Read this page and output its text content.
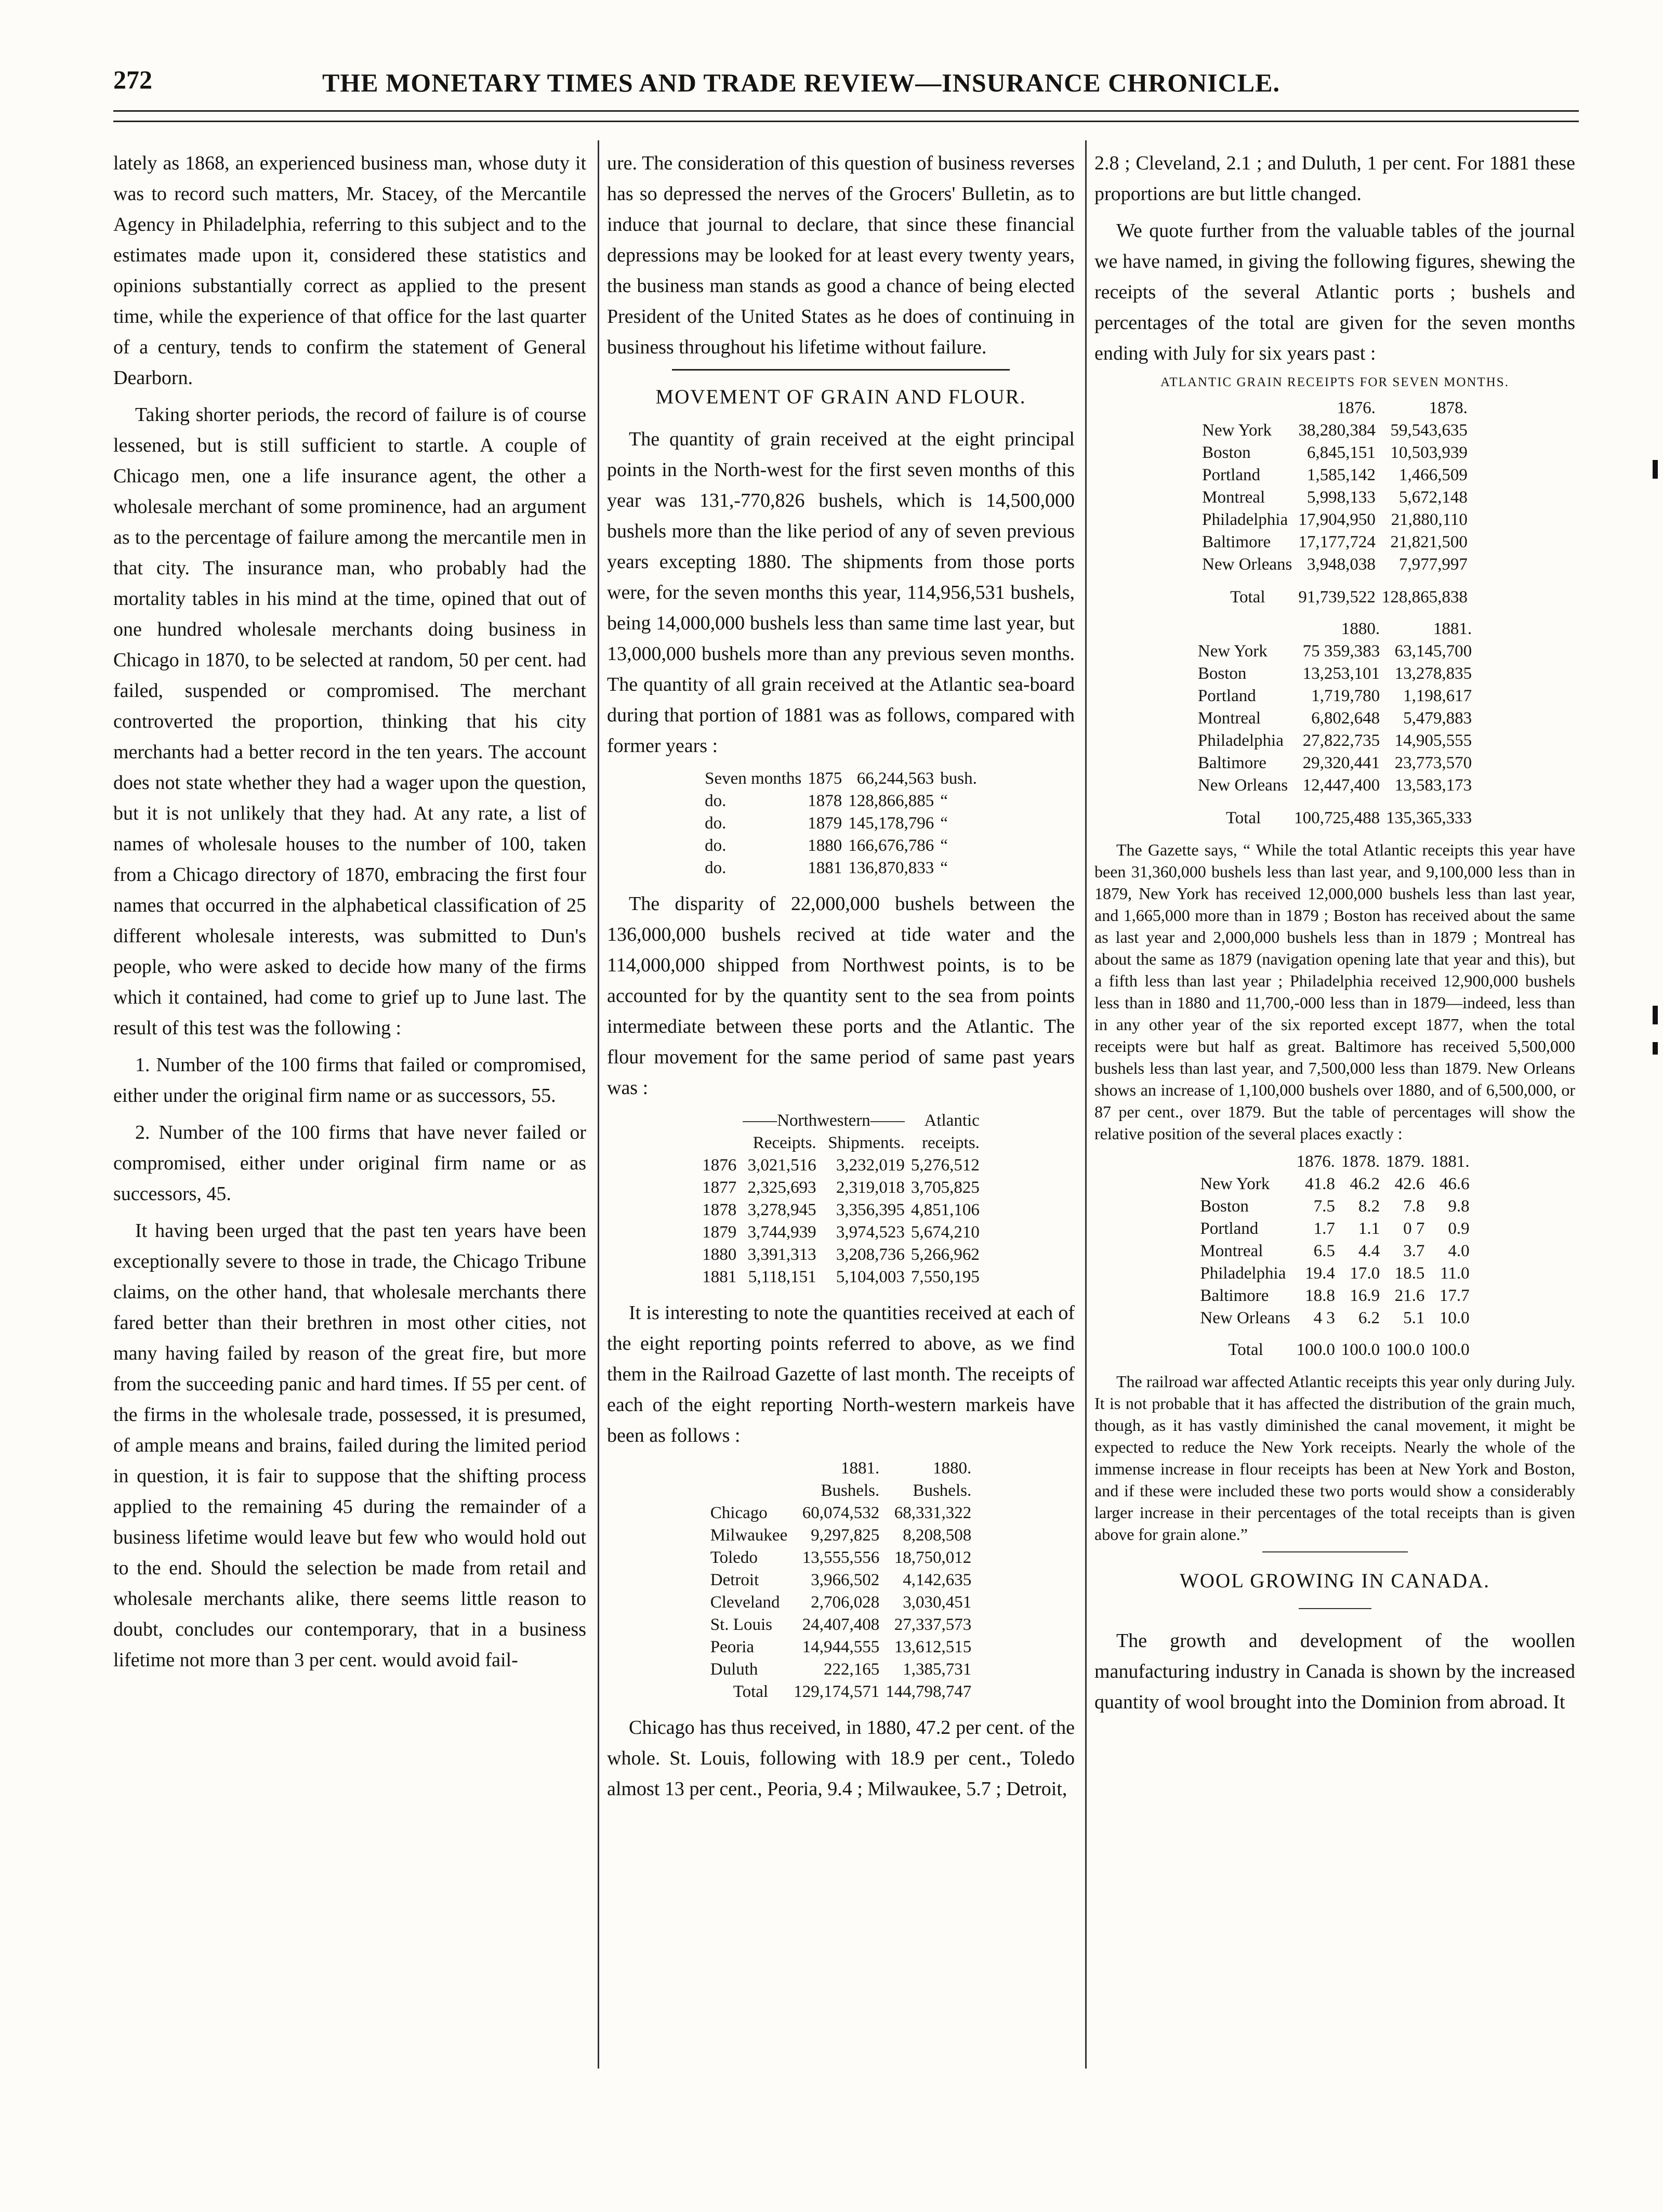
272	THE MONETARY TIMES AND TRADE REVIEW—INSURANCE CHRONICLE.

lately as 1868, an experienced business man, whose duty it was to record such matters, Mr. Stacey, of the Mercantile Agency in Philadelphia, referring to this subject and to the estimates made upon it, considered these statistics and opinions substantially correct as applied to the present time, while the experience of that office for the last quarter of a century, tends to confirm the statement of General Dearborn.

Taking shorter periods, the record of failure is of course lessened, but is still sufficient to startle. A couple of Chicago men, one a life insurance agent, the other a wholesale merchant of some prominence, had an argument as to the percentage of failure among the mercantile men in that city. The insurance man, who probably had the mortality tables in his mind at the time, opined that out of one hundred wholesale merchants doing business in Chicago in 1870, to be selected at random, 50 per cent. had failed, suspended or compromised. The merchant controverted the proportion, thinking that his city merchants had a better record in the ten years. The account does not state whether they had a wager upon the question, but it is not unlikely that they had. At any rate, a list of names of wholesale houses to the number of 100, taken from a Chicago directory of 1870, embracing the first four names that occurred in the alphabetical classification of 25 different wholesale interests, was submitted to Dun's people, who were asked to decide how many of the firms which it contained, had come to grief up to June last. The result of this test was the following :

1. Number of the 100 firms that failed or compromised, either under the original firm name or as successors, 55.

2. Number of the 100 firms that have never failed or compromised, either under original firm name or as successors, 45.

It having been urged that the past ten years have been exceptionally severe to those in trade, the Chicago Tribune claims, on the other hand, that wholesale merchants there fared better than their brethren in most other cities, not many having failed by reason of the great fire, but more from the succeeding panic and hard times. If 55 per cent. of the firms in the wholesale trade, possessed, it is presumed, of ample means and brains, failed during the limited period in question, it is fair to suppose that the shifting process applied to the remaining 45 during the remainder of a business lifetime would leave but few who would hold out to the end. Should the selection be made from retail and wholesale merchants alike, there seems little reason to doubt, concludes our contemporary, that in a business lifetime not more than 3 per cent. would avoid fail-

ure. The consideration of this question of business reverses has so depressed the nerves of the Grocers' Bulletin, as to induce that journal to declare, that since these financial depressions may be looked for at least every twenty years, the business man stands as good a chance of being elected President of the United States as he does of continuing in business throughout his lifetime without failure.

MOVEMENT OF GRAIN AND FLOUR.

The quantity of grain received at the eight principal points in the North-west for the first seven months of this year was 131,-770,826 bushels, which is 14,500,000 bushels more than the like period of any of seven previous years excepting 1880. The shipments from those ports were, for the seven months this year, 114,956,531 bushels, being 14,000,000 bushels less than same time last year, but 13,000,000 bushels more than any previous seven months. The quantity of all grain received at the Atlantic sea-board during that portion of 1881 was as follows, compared with former years :

Seven months	1875	66,244,563	bush.
do.	1878	128,866,885	“
do.	1879	145,178,796	“
do.	1880	166,676,786	“
do.	1881	136,870,833	“

The disparity of 22,000,000 bushels between the 136,000,000 bushels recived at tide water and the 114,000,000 shipped from Northwest points, is to be accounted for by the quantity sent to the sea from points intermediate between these ports and the Atlantic. The flour movement for the same period of same past years was :

	——Northwestern——		Atlantic
	Receipts.	Shipments.	receipts.
1876	3,021,516	3,232,019	5,276,512
1877	2,325,693	2,319,018	3,705,825
1878	3,278,945	3,356,395	4,851,106
1879	3,744,939	3,974,523	5,674,210
1880	3,391,313	3,208,736	5,266,962
1881	5,118,151	5,104,003	7,550,195

It is interesting to note the quantities received at each of the eight reporting points referred to above, as we find them in the Railroad Gazette of last month. The receipts of each of the eight reporting North-western markeis have been as follows :

	1881.	1880.
	Bushels.	Bushels.
Chicago	60,074,532	68,331,322
Milwaukee	9,297,825	8,208,508
Toledo	13,555,556	18,750,012
Detroit	3,966,502	4,142,635
Cleveland	2,706,028	3,030,451
St. Louis	24,407,408	27,337,573
Peoria	14,944,555	13,612,515
Duluth	222,165	1,385,731
Total	129,174,571	144,798,747

Chicago has thus received, in 1880, 47.2 per cent. of the whole. St. Louis, following with 18.9 per cent., Toledo almost 13 per cent., Peoria, 9.4 ; Milwaukee, 5.7 ; Detroit,

2.8 ; Cleveland, 2.1 ; and Duluth, 1 per cent. For 1881 these proportions are but little changed.

We quote further from the valuable tables of the journal we have named, in giving the following figures, shewing the receipts of the several Atlantic ports ; bushels and percentages of the total are given for the seven months ending with July for six years past :

ATLANTIC GRAIN RECEIPTS FOR SEVEN MONTHS.
	1876.	1878.
New York	38,280,384	59,543,635
Boston	6,845,151	10,503,939
Portland	1,585,142	1,466,509
Montreal	5,998,133	5,672,148
Philadelphia	17,904,950	21,880,110
Baltimore	17,177,724	21,821,500
New Orleans	3,948,038	7,977,997
Total	91,739,522	128,865,838
	1880.	1881.
New York	75 359,383	63,145,700
Boston	13,253,101	13,278,835
Portland	1,719,780	1,198,617
Montreal	6,802,648	5,479,883
Philadelphia	27,822,735	14,905,555
Baltimore	29,320,441	23,773,570
New Orleans	12,447,400	13,583,173
Total	100,725,488	135,365,333

The Gazette says, “ While the total Atlantic receipts this year have been 31,360,000 bushels less than last year, and 9,100,000 less than in 1879, New York has received 12,000,000 bushels less than last year, and 1,665,000 more than in 1879 ; Boston has received about the same as last year and 2,000,000 bushels less than in 1879 ; Montreal has about the same as 1879 (navigation opening late that year and this), but a fifth less than last year ; Philadelphia received 12,900,000 bushels less than in 1880 and 11,700,-000 less than in 1879—indeed, less than in any other year of the six reported except 1877, when the total receipts were but half as great. Baltimore has received 5,500,000 bushels less than last year, and 7,500,000 less than 1879. New Orleans shows an increase of 1,100,000 bushels over 1880, and of 6,500,000, or 87 per cent., over 1879. But the table of percentages will show the relative position of the several places exactly :

	1876.	1878.	1879.	1881.
New York	41.8	46.2	42.6	46.6
Boston	7.5	8.2	7.8	9.8
Portland	1.7	1.1	0 7	0.9
Montreal	6.5	4.4	3.7	4.0
Philadelphia	19.4	17.0	18.5	11.0
Baltimore	18.8	16.9	21.6	17.7
New Orleans	4 3	6.2	5.1	10.0
Total	100.0	100.0	100.0	100.0

The railroad war affected Atlantic receipts this year only during July. It is not probable that it has affected the distribution of the grain much, though, as it has vastly diminished the canal movement, it might be expected to reduce the New York receipts. Nearly the whole of the immense increase in flour receipts has been at New York and Boston, and if these were included these two ports would show a considerably larger increase in their percentages of the total receipts than is given above for grain alone.”

WOOL GROWING IN CANADA.

The growth and development of the woollen manufacturing industry in Canada is shown by the increased quantity of wool brought into the Dominion from abroad. It
